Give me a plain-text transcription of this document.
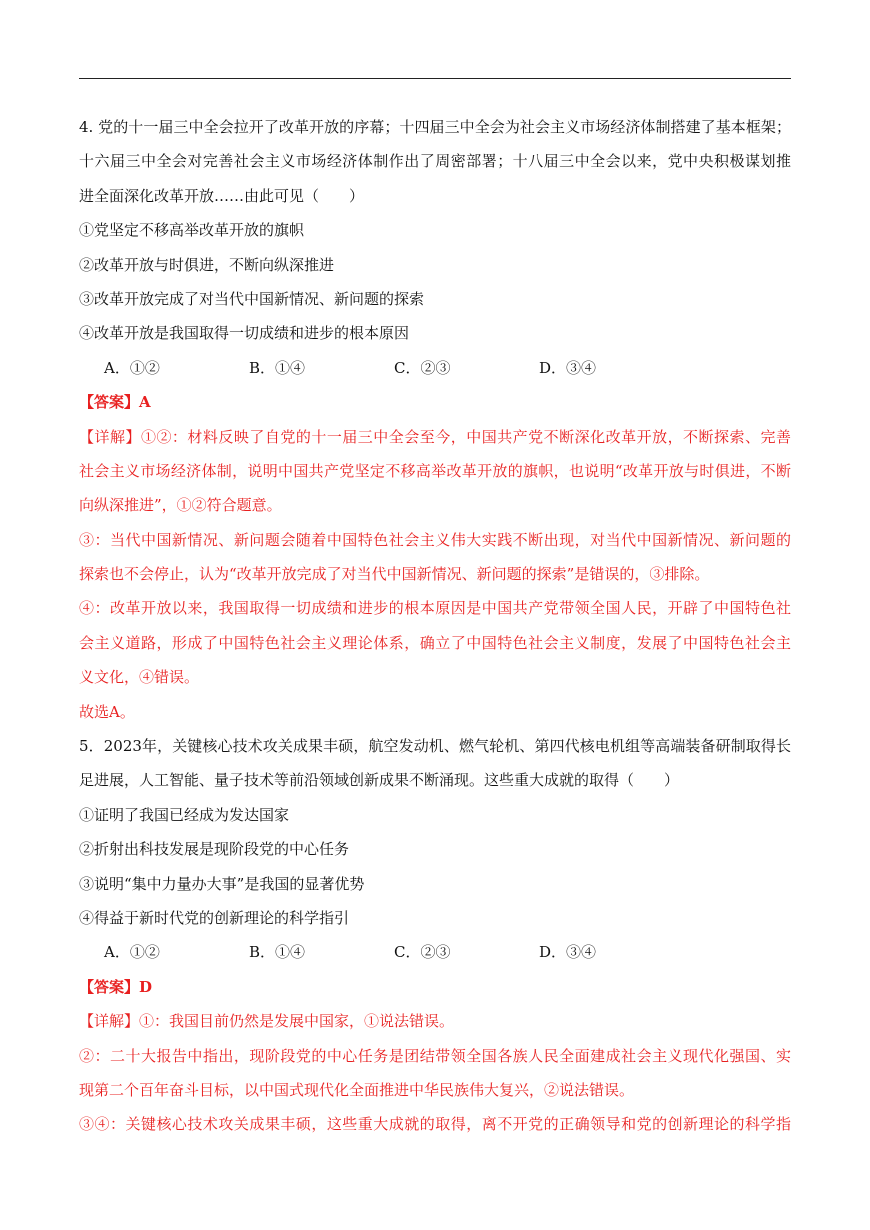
4. 党的十一届三中全会拉开了改革开放的序幕；十四届三中全会为社会主义市场经济体制搭建了基本框架；
十六届三中全会对完善社会主义市场经济体制作出了周密部署；十八届三中全会以来，党中央积极谋划推
进全面深化改革开放……由此可见（　　）
①党坚定不移高举改革开放的旗帜
②改革开放与时俱进，不断向纵深推进
③改革开放完成了对当代中国新情况、新问题的探索
④改革开放是我国取得一切成绩和进步的根本原因
A．①②	B．①④	C．②③	D．③④
【答案】A
【详解】①②：材料反映了自党的十一届三中全会至今，中国共产党不断深化改革开放，不断探索、完善
社会主义市场经济体制，说明中国共产党坚定不移高举改革开放的旗帜，也说明“改革开放与时俱进，不断
向纵深推进”，①②符合题意。
③：当代中国新情况、新问题会随着中国特色社会主义伟大实践不断出现，对当代中国新情况、新问题的
探索也不会停止，认为“改革开放完成了对当代中国新情况、新问题的探索”是错误的，③排除。
④：改革开放以来，我国取得一切成绩和进步的根本原因是中国共产党带领全国人民，开辟了中国特色社
会主义道路，形成了中国特色社会主义理论体系，确立了中国特色社会主义制度，发展了中国特色社会主
义文化，④错误。
故选A。
5．2023年，关键核心技术攻关成果丰硕，航空发动机、燃气轮机、第四代核电机组等高端装备研制取得长
足进展，人工智能、量子技术等前沿领域创新成果不断涌现。这些重大成就的取得（　　）
①证明了我国已经成为发达国家
②折射出科技发展是现阶段党的中心任务
③说明“集中力量办大事”是我国的显著优势
④得益于新时代党的创新理论的科学指引
A．①②	B．①④	C．②③	D．③④
【答案】D
【详解】①：我国目前仍然是发展中国家，①说法错误。
②：二十大报告中指出，现阶段党的中心任务是团结带领全国各族人民全面建成社会主义现代化强国、实
现第二个百年奋斗目标，以中国式现代化全面推进中华民族伟大复兴，②说法错误。
③④：关键核心技术攻关成果丰硕，这些重大成就的取得，离不开党的正确领导和党的创新理论的科学指
